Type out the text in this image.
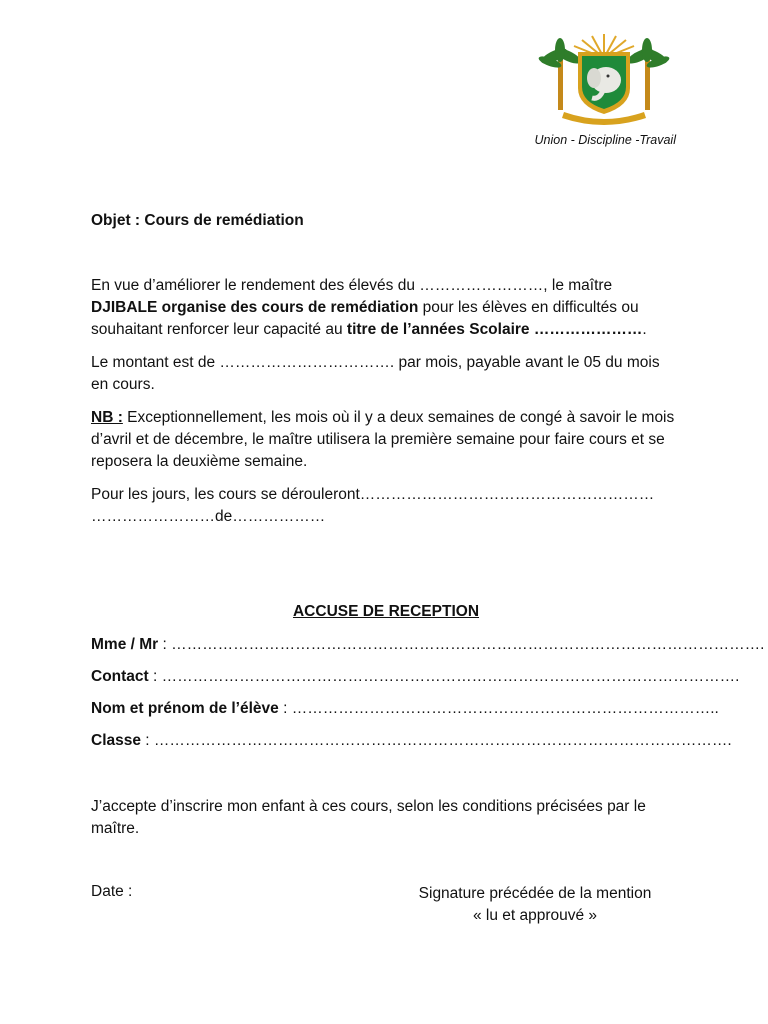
Union - Discipline -Travail
Objet : Cours de remédiation
En vue d’améliorer le rendement des élevés du ……………………, le maître
DJIBALE organise des cours de remédiation pour les élèves en difficultés ou souhaitant renforcer leur capacité au titre de l’années Scolaire ………………….
Le montant est de ……………………………. par mois, payable avant le 05 du mois en cours.
NB : Exceptionnellement, les mois où il y a deux semaines de congé à savoir le mois d’avril et de décembre, le maître utilisera la première semaine pour faire cours et se reposera la deuxième semaine.
Pour les jours, les cours se dérouleront…………………………………………………
……………………de………………
ACCUSE DE RECEPTION
Mme / Mr : …………………………………………………………………………………………………….
Contact : ………………………………………………………………………………………………….
Nom et prénom de l’élève : ………………………………………………………………………..
Classe : ………………………………………………………………………………………………….
J’accepte d’inscrire mon enfant à ces cours, selon les conditions précisées par le maître.
Date :	Signature précédée de la mention
« lu et approuvé »
